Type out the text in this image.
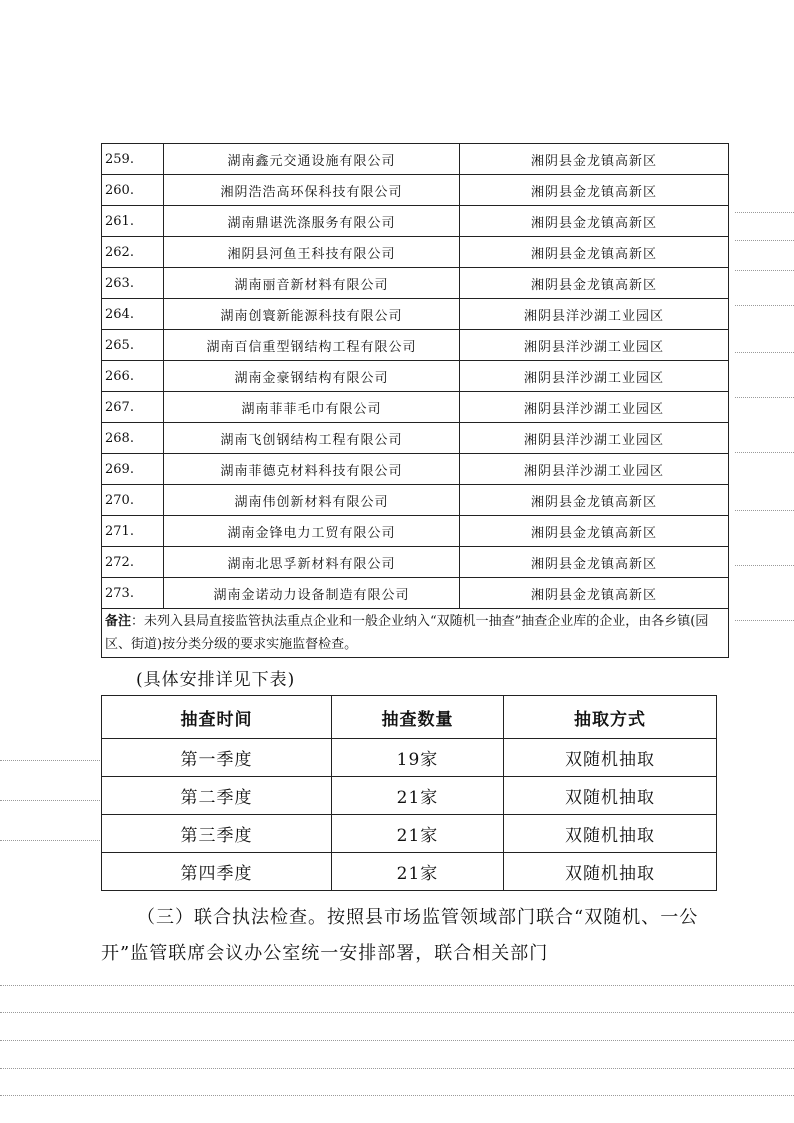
259.	湖南鑫元交通设施有限公司	湘阴县金龙镇高新区
260.	湘阴浩浩高环保科技有限公司	湘阴县金龙镇高新区
261.	湖南鼎谌洗涤服务有限公司	湘阴县金龙镇高新区
262.	湘阴县河鱼王科技有限公司	湘阴县金龙镇高新区
263.	湖南丽音新材料有限公司	湘阴县金龙镇高新区
264.	湖南创寰新能源科技有限公司	湘阴县洋沙湖工业园区
265.	湖南百信重型钢结构工程有限公司	湘阴县洋沙湖工业园区
266.	湖南金豪钢结构有限公司	湘阴县洋沙湖工业园区
267.	湖南菲菲毛巾有限公司	湘阴县洋沙湖工业园区
268.	湖南飞创钢结构工程有限公司	湘阴县洋沙湖工业园区
269.	湖南菲德克材料科技有限公司	湘阴县洋沙湖工业园区
270.	湖南伟创新材料有限公司	湘阴县金龙镇高新区
271.	湖南金锋电力工贸有限公司	湘阴县金龙镇高新区
272.	湖南北思孚新材料有限公司	湘阴县金龙镇高新区
273.	湖南金诺动力设备制造有限公司	湘阴县金龙镇高新区
备注：未列入县局直接监管执法重点企业和一般企业纳入“双随机一抽查”抽查企业库的企业，由各乡镇(园区、街道)按分类分级的要求实施监督检查。		
(具体安排详见下表)
抽查时间	抽查数量	抽取方式
第一季度	19家	双随机抽取
第二季度	21家	双随机抽取
第三季度	21家	双随机抽取
第四季度	21家	双随机抽取
（三）联合执法检查。按照县市场监管领域部门联合“双随机、一公开”监管联席会议办公室统一安排部署，联合相关部门
